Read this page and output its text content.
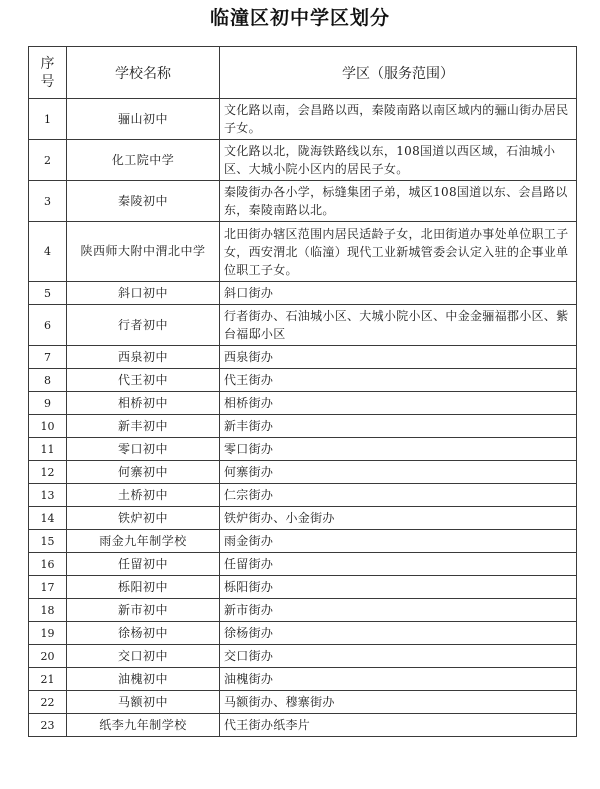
临潼区初中学区划分
序号	学校名称	学区（服务范围）
1	骊山初中	文化路以南，会昌路以西，秦陵南路以南区域内的骊山街办居民子女。
2	化工院中学	文化路以北，陇海铁路线以东，108国道以西区域，石油城小区、大城小院小区内的居民子女。
3	秦陵初中	秦陵街办各小学，标缝集团子弟，城区108国道以东、会昌路以东，秦陵南路以北。
4	陕西师大附中渭北中学	北田街办辖区范围内居民适龄子女，北田街道办事处单位职工子女，西安渭北（临潼）现代工业新城管委会认定入驻的企事业单位职工子女。
5	斜口初中	斜口街办
6	行者初中	行者街办、石油城小区、大城小院小区、中金金骊福郡小区、紫台福邸小区
7	西泉初中	西泉街办
8	代王初中	代王街办
9	相桥初中	相桥街办
10	新丰初中	新丰街办
11	零口初中	零口街办
12	何寨初中	何寨街办
13	土桥初中	仁宗街办
14	铁炉初中	铁炉街办、小金街办
15	雨金九年制学校	雨金街办
16	任留初中	任留街办
17	栎阳初中	栎阳街办
18	新市初中	新市街办
19	徐杨初中	徐杨街办
20	交口初中	交口街办
21	油槐初中	油槐街办
22	马额初中	马额街办、穆寨街办
23	纸李九年制学校	代王街办纸李片
